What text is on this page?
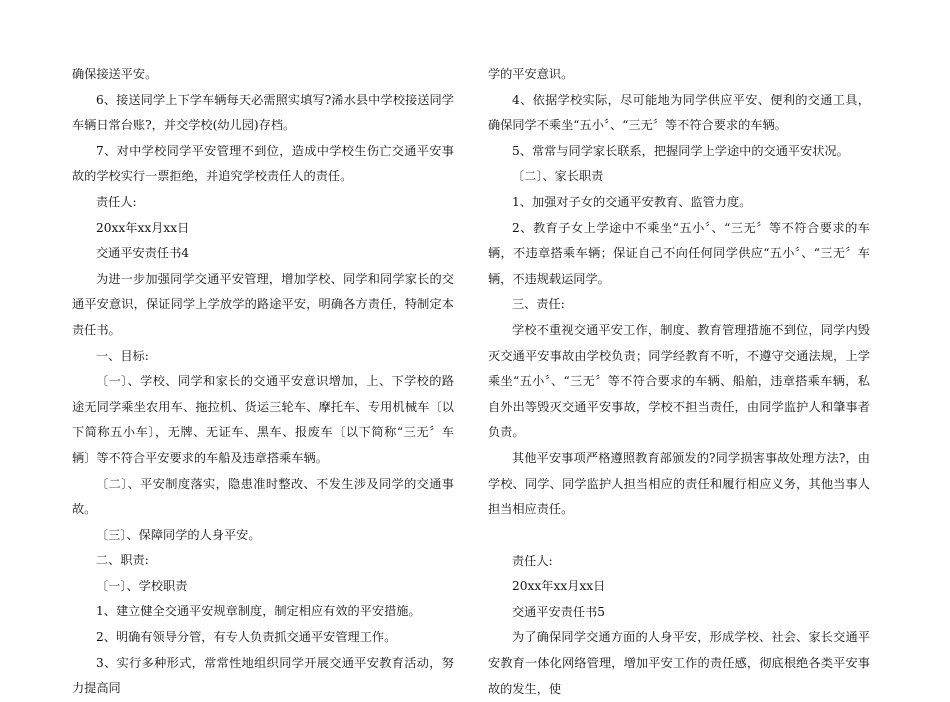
确保接送平安。

6、接送同学上下学车辆每天必需照实填写?浠水县中学校接送同学车辆日常台账?，并交学校(幼儿园)存档。

7、对中学校同学平安管理不到位，造成中学校生伤亡交通平安事故的学校实行一票拒绝，并追究学校责任人的责任。

责任人:

20xx年xx月xx日

交通平安责任书4

为进一步加强同学交通平安管理，增加学校、同学和同学家长的交通平安意识，保证同学上学放学的路途平安，明确各方责任，特制定本责任书。

一、目标:

〔一〕、学校、同学和家长的交通平安意识增加，上、下学校的路途无同学乘坐农用车、拖拉机、货运三轮车、摩托车、专用机械车〔以下简称五小车〕，无牌、无证车、黑车、报废车〔以下简称“三无〞车辆〕等不符合平安要求的车船及违章搭乘车辆。

〔二〕、平安制度落实，隐患准时整改、不发生涉及同学的交通事故。

〔三〕、保障同学的人身平安。

二、职责:

〔一〕、学校职责

1、建立健全交通平安规章制度，制定相应有效的平安措施。

2、明确有领导分管，有专人负责抓交通平安管理工作。

3、实行多种形式，常常性地组织同学开展交通平安教育活动，努力提高同

学的平安意识。

4、依据学校实际，尽可能地为同学供应平安、便利的交通工具，确保同学不乘坐“五小〞、“三无〞等不符合要求的车辆。

5、常常与同学家长联系，把握同学上学途中的交通平安状况。

〔二〕、家长职责

1、加强对子女的交通平安教育、监管力度。

2、教育子女上学途中不乘坐“五小〞、“三无〞等不符合要求的车辆，不违章搭乘车辆；保证自己不向任何同学供应“五小〞、“三无〞车辆，不违规载运同学。

三、责任:

学校不重视交通平安工作，制度、教育管理措施不到位，同学内毁灭交通平安事故由学校负责；同学经教育不听，不遵守交通法规，上学乘坐“五小〞、“三无〞等不符合要求的车辆、船舶，违章搭乘车辆，私自外出等毁灭交通平安事故，学校不担当责任，由同学监护人和肇事者负责。

其他平安事项严格遵照教育部颁发的?同学损害事故处理方法?，由学校、同学、同学监护人担当相应的责任和履行相应义务，其他当事人担当相应责任。

责任人:

20xx年xx月xx日

交通平安责任书5

为了确保同学交通方面的人身平安，形成学校、社会、家长交通平安教育一体化网络管理，增加平安工作的责任感，彻底根绝各类平安事故的发生，使
